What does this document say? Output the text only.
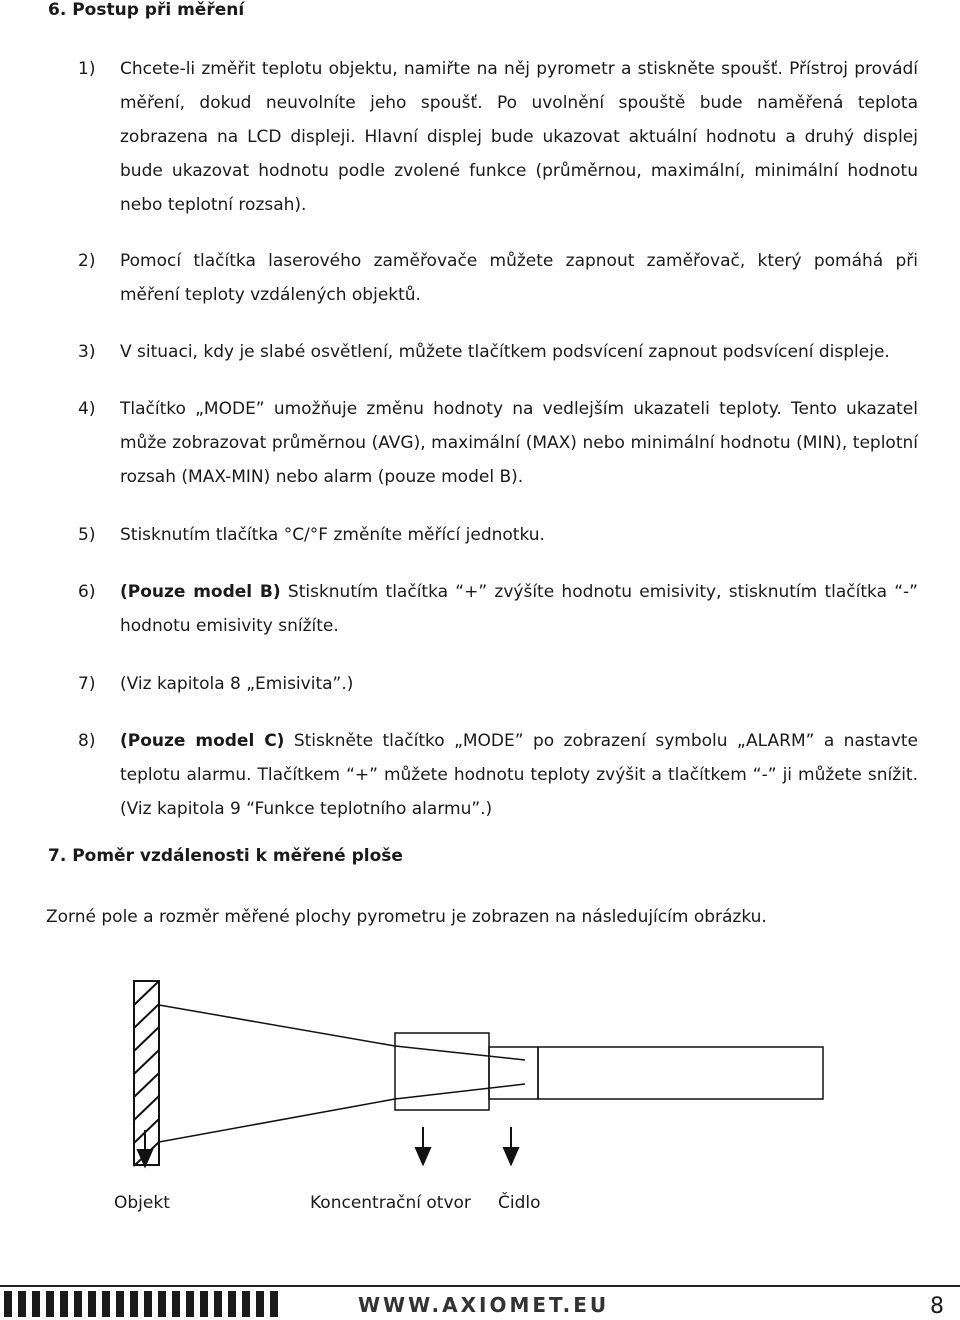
6. Postup při měření
1) Chcete-li změřit teplotu objektu, namiřte na něj pyrometr a stiskněte spoušť. Přístroj provádí měření, dokud neuvolníte jeho spoušť. Po uvolnění spouště bude naměřená teplota zobrazena na LCD displeji. Hlavní displej bude ukazovat aktuální hodnotu a druhý displej bude ukazovat hodnotu podle zvolené funkce (průměrnou, maximální, minimální hodnotu nebo teplotní rozsah).
2) Pomocí tlačítka laserového zaměřovače můžete zapnout zaměřovač, který pomáhá při měření teploty vzdálených objektů.
3) V situaci, kdy je slabé osvětlení, můžete tlačítkem podsvícení zapnout podsvícení displeje.
4) Tlačítko „MODE” umožňuje změnu hodnoty na vedlejším ukazateli teploty. Tento ukazatel může zobrazovat průměrnou (AVG), maximální (MAX) nebo minimální hodnotu (MIN), teplotní rozsah (MAX-MIN) nebo alarm (pouze model B).
5) Stisknutím tlačítka °C/°F změníte měřící jednotku.
6) (Pouze model B) Stisknutím tlačítka “+” zvýšíte hodnotu emisivity, stisknutím tlačítka “-” hodnotu emisivity snížíte.
7) (Viz kapitola 8 „Emisivita”.)
8) (Pouze model C) Stiskněte tlačítko „MODE” po zobrazení symbolu „ALARM” a nastavte teplotu alarmu. Tlačítkem “+” můžete hodnotu teploty zvýšit a tlačítkem “-” ji můžete snížit. (Viz kapitola 9 “Funkce teplotního alarmu”.)
7. Poměr vzdálenosti k měřené ploše
Zorné pole a rozměr měřené plochy pyrometru je zobrazen na následujícím obrázku.
Objekt	Koncentrační otvor Čidlo
WWW.AXIOMET.EU	8
